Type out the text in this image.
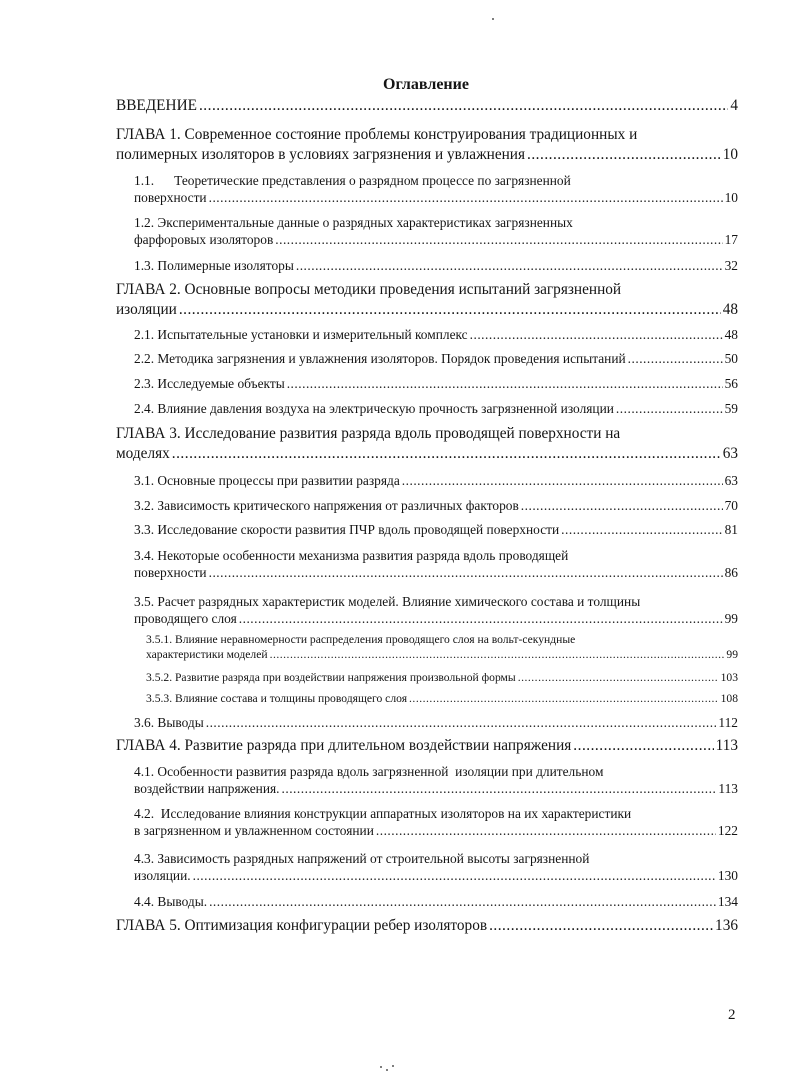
Оглавление
ВВЕДЕНИЕ .....	4
ГЛАВА 1. Современное состояние проблемы конструирования традиционных и
полимерных изоляторов в условиях загрязнения и увлажнения .....	10
1.1.      Теоретические представления о разрядном процессе по загрязненной
поверхности .....	10
1.2. Экспериментальные данные о разрядных характеристиках загрязненных
фарфоровых изоляторов .....	17
1.3. Полимерные изоляторы .....	32
ГЛАВА 2. Основные вопросы методики проведения испытаний загрязненной
изоляции .....	48
2.1. Испытательные установки и измерительный комплекс .....	48
2.2. Методика загрязнения и увлажнения изоляторов. Порядок проведения испытаний .....	50
2.3. Исследуемые объекты .....	56
2.4. Влияние давления воздуха на электрическую прочность загрязненной изоляции .....	59
ГЛАВА 3. Исследование развития разряда вдоль проводящей поверхности на
моделях .....	63
3.1. Основные процессы при развитии разряда .....	63
3.2. Зависимость критического напряжения от различных факторов .....	70
3.3. Исследование скорости развития ПЧР вдоль проводящей поверхности .....	81
3.4. Некоторые особенности механизма развития разряда вдоль проводящей
поверхности .....	86
3.5. Расчет разрядных характеристик моделей. Влияние химического состава и толщины
проводящего слоя .....	99
3.5.1. Влияние неравномерности распределения проводящего слоя на вольт-секундные
характеристики моделей .....	99
3.5.2. Развитие разряда при воздействии напряжения произвольной формы .....	103
3.5.3. Влияние состава и толщины проводящего слоя .....	108
3.6. Выводы .....	112
ГЛАВА 4. Развитие разряда при длительном воздействии напряжения .....	113
4.1. Особенности развития разряда вдоль загрязненной  изоляции при длительном
воздействии напряжения. .....	113
4.2.  Исследование влияния конструкции аппаратных изоляторов на их характеристики
в загрязненном и увлажненном состоянии .....	122
4.3. Зависимость разрядных напряжений от строительной высоты загрязненной
изоляции. .....	130
4.4. Выводы. .....	134
ГЛАВА 5. Оптимизация конфигурации ребер изоляторов .....	136
2
